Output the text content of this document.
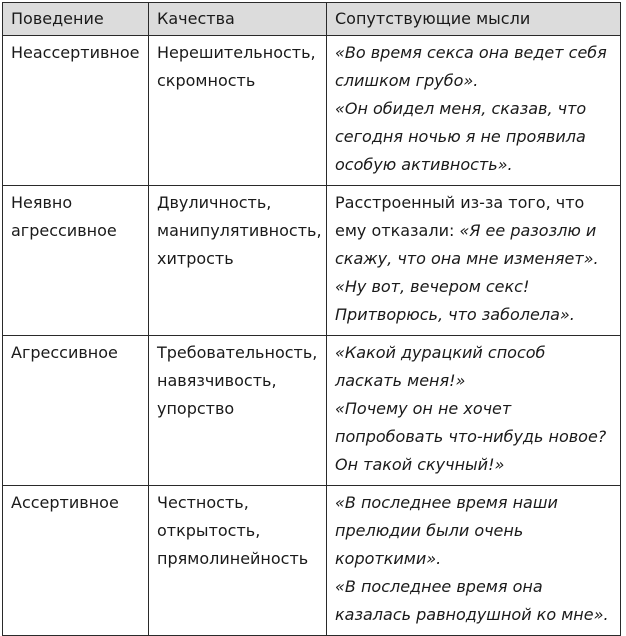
Поведение	Качества	Сопутствующие мысли
Неассертивное	Нерешительность, скромность	«Во время секса она ведет себя слишком грубо».
«Он обидел меня, сказав, что сегодня ночью я не проявила особую активность».

Неявно агрессивное	Двуличность, манипулятивность, хитрость	Расстроенный из-за того, что ему отказали: «Я ее разозлю и скажу, что она мне изменяет».
«Ну вот, вечером секс! Притворюсь, что заболела».

Агрессивное	Требовательность, навязчивость, упорство	«Какой дурацкий способ ласкать меня!»
«Почему он не хочет попробовать что-нибудь новое? Он такой скучный!»

Ассертивное	Честность, открытость, прямолинейность	«В последнее время наши прелюдии были очень короткими».
«В последнее время она казалась равнодушной ко мне».
